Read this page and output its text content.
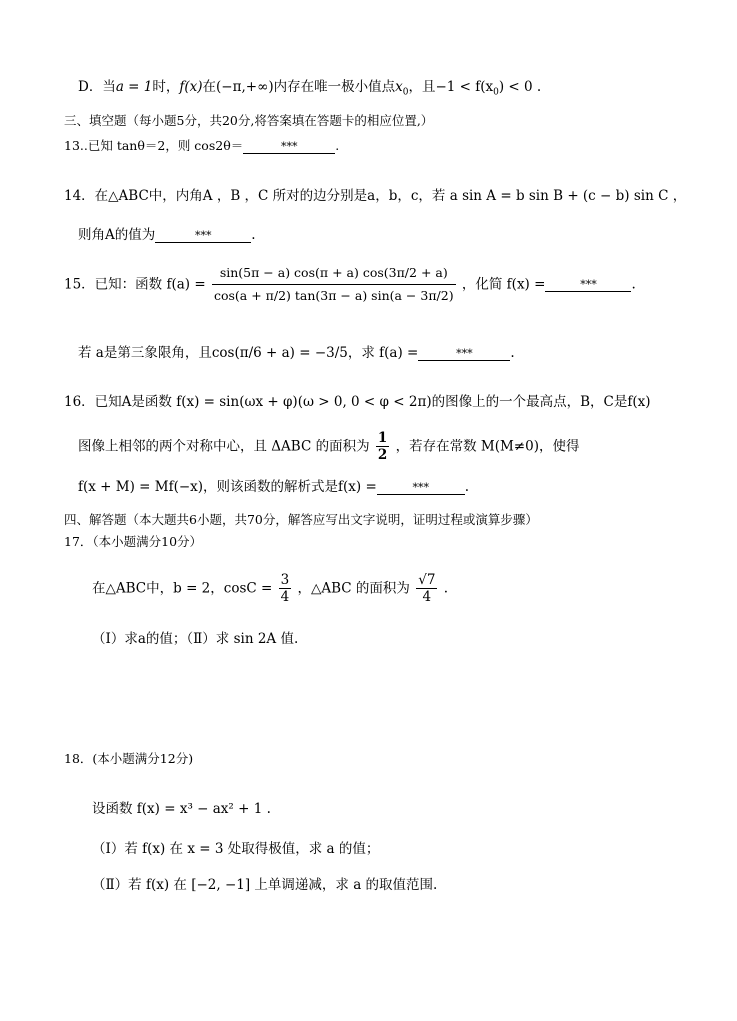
D．当a = 1时，f(x)在(−π,+∞)内存在唯一极小值点$x_0$，且$-1 < f(x_0) < 0$ .
三、填空题（每小题5分，共20分,将答案填在答题卡的相应位置,）
13..已知 tanθ＝2，则 cos2θ＝	***	.
14．在△ABC中，内角A ，B ，C 所对的边分别是a，b，c，若 a sin A = b sin B + (c − b) sin C ，
则角A的值为	***	.
15．已知：函数 $f(a) = \frac{\sin(5\pi - a) \cos(\pi + a) \cos(3\pi/2 + a)}{\cos(a + \pi/2) \tan(3\pi - a) \sin(a - 3\pi/2)}$ ，化简 f(x) =	***	.
若 a是第三象限角，且cos(π/6 + a) = −3/5，求 f(a) =	***	.
16．已知A是函数 f(x) = sin(ωx + φ)(ω > 0, 0 < φ < 2π)的图像上的一个最高点，B，C是f(x)
图像上相邻的两个对称中心，且 ΔABC 的面积为 $\frac{1}{2}$ ，若存在常数 M(M≠0)，使得
f(x + M) = Mf(−x)，则该函数的解析式是f(x) =	***	.
四、解答题（本大题共6小题，共70分，解答应写出文字说明，证明过程或演算步骤）
17．（本小题满分10分）
在△ABC中，b = 2，$\cos C = \frac{3}{4}$ ，△ABC 的面积为 $\frac{√7}{4}$ .
（Ⅰ）求a的值；（Ⅱ）求 sin 2A 值.
18．(本小题满分12分)
设函数 f(x) = x³ − ax² + 1 .
（Ⅰ）若 f(x) 在 x = 3 处取得极值，求 a 的值；
（Ⅱ）若 f(x) 在 [−2, −1] 上单调递减，求 a 的取值范围.
